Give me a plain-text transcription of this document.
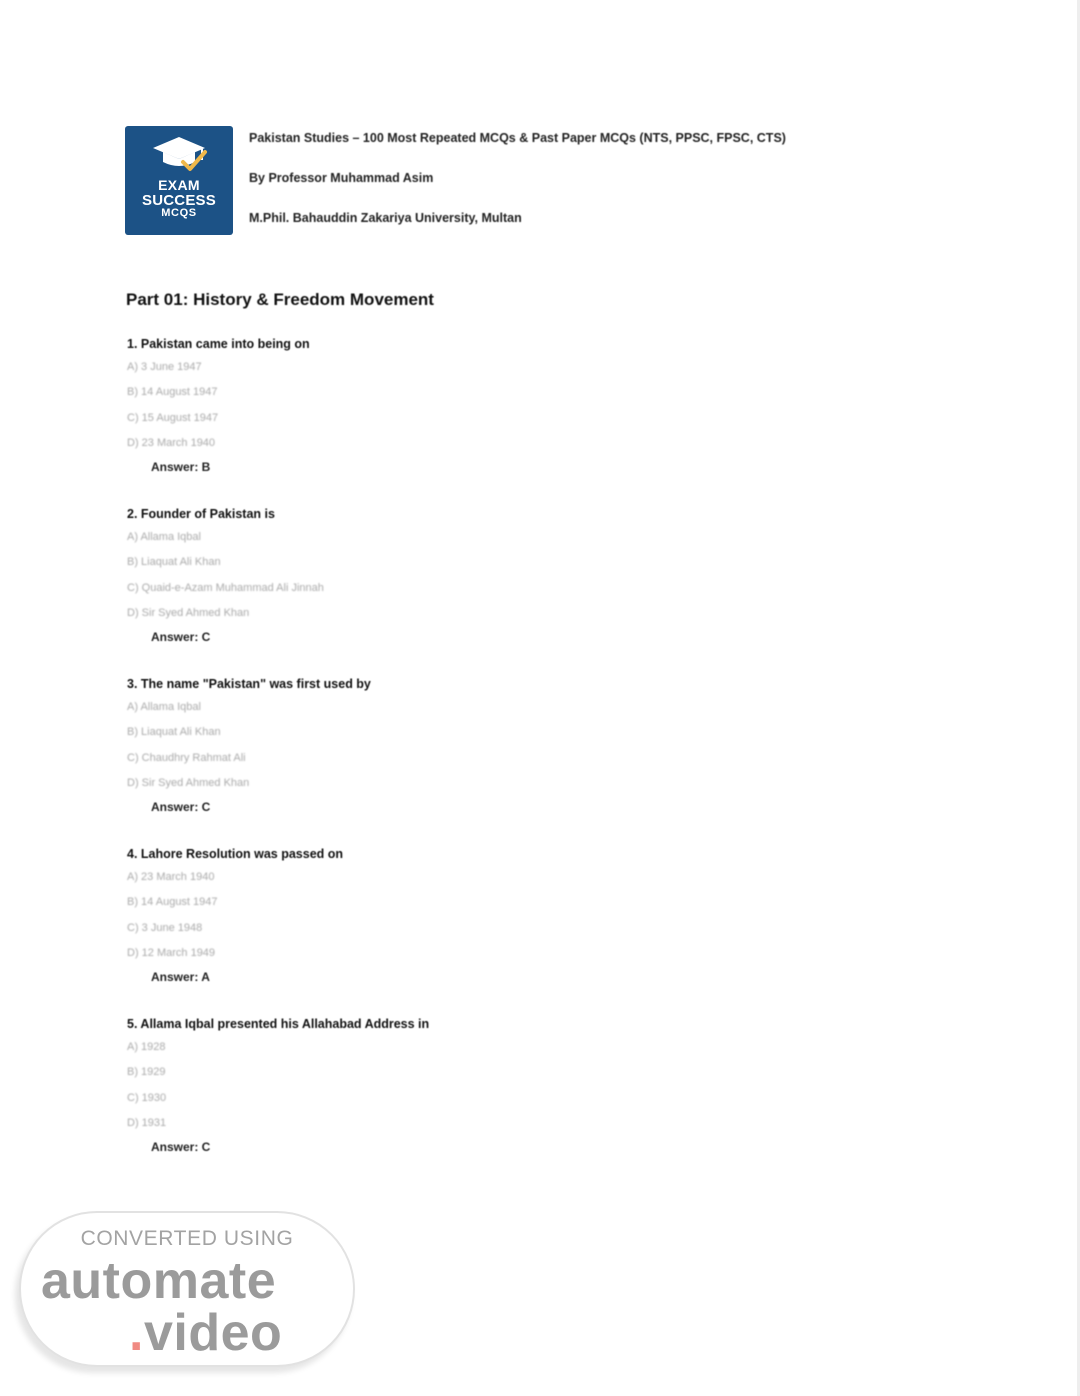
EXAM
SUCCESS
MCQS
Pakistan Studies – 100 Most Repeated MCQs & Past Paper MCQs (NTS, PPSC, FPSC, CTS)
By Professor Muhammad Asim
M.Phil. Bahauddin Zakariya University, Multan
Part 01: History & Freedom Movement
1. Pakistan came into being on
A) 3 June 1947
B) 14 August 1947
C) 15 August 1947
D) 23 March 1940
Answer: B
2. Founder of Pakistan is
A) Allama Iqbal
B) Liaquat Ali Khan
C) Quaid-e-Azam Muhammad Ali Jinnah
D) Sir Syed Ahmed Khan
Answer: C
3. The name "Pakistan" was first used by
A) Allama Iqbal
B) Liaquat Ali Khan
C) Chaudhry Rahmat Ali
D) Sir Syed Ahmed Khan
Answer: C
4. Lahore Resolution was passed on
A) 23 March 1940
B) 14 August 1947
C) 3 June 1948
D) 12 March 1949
Answer: A
5. Allama Iqbal presented his Allahabad Address in
A) 1928
B) 1929
C) 1930
D) 1931
Answer: C
CONVERTED USING
automate
.video
